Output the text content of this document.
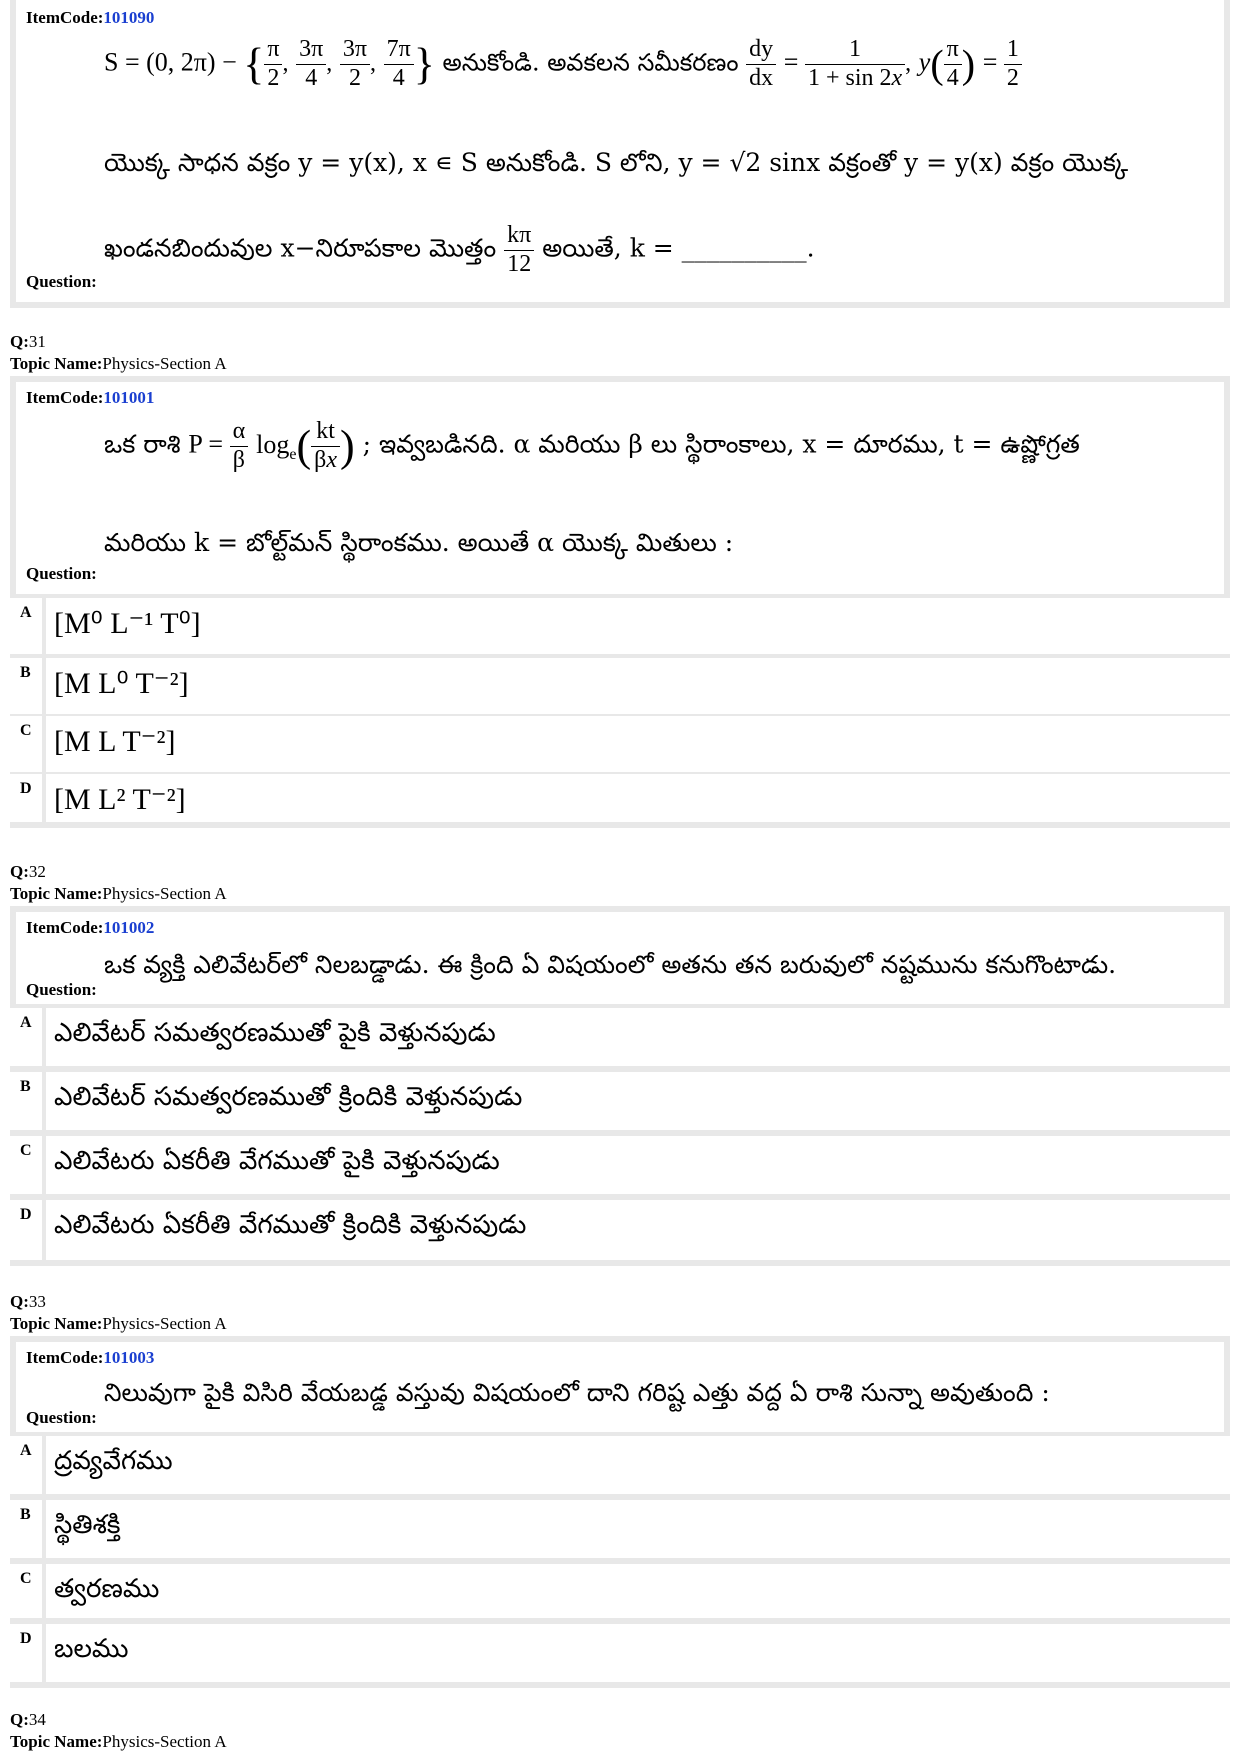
ItemCode:101090
S = (0, 2π) − { $\frac{\pi}{2}$ , $\frac{3\pi}{4}$ , $\frac{3\pi}{2}$ , $\frac{7\pi}{4}$ } అనుకోండి. అవకలన సమీకరణం $\frac{dy}{dx} = \frac{1}{1 + \sin 2x}$ , $y( \frac{\pi}{4}$ ) = $\frac{1}{2}$
యొక్క సాధన వక్రం y = y(x), x ∊ S అనుకోండి. S లోని, y = √2 sinx వక్రంతో y = y(x) వక్రం యొక్క
ఖండనబిందువుల x−నిరూపకాల మొత్తం $\frac{k\pi}{12}$ అయితే, k = __________.
Question:
Q:31
Topic Name:Physics-Section A
ItemCode:101001
ఒక రాశి $P = \frac{\alpha}{\beta} \log_e( \frac{kt}{\beta x}$ ) ; ఇవ్వబడినది. α మరియు β లు స్థిరాంకాలు, x = దూరము, t = ఉష్ణోగ్రత
మరియు k = బోల్ట్‌మన్ స్థిరాంకము. అయితే α యొక్క మితులు :
Question:
A [M⁰ L⁻¹ T⁰]
B [M L⁰ T⁻²]
C [M L T⁻²]
D [M L² T⁻²]
Q:32
Topic Name:Physics-Section A
ItemCode:101002
ఒక వ్యక్తి ఎలివేటర్‌లో నిలబడ్డాడు. ఈ క్రింది ఏ విషయంలో అతను తన బరువులో నష్టమును కనుగొంటాడు.
Question:
A ఎలివేటర్ సమత్వరణముతో పైకి వెళ్తునపుడు
B ఎలివేటర్ సమత్వరణముతో క్రిందికి వెళ్తునపుడు
C ఎలివేటరు ఏకరీతి వేగముతో పైకి వెళ్తునపుడు
D ఎలివేటరు ఏకరీతి వేగముతో క్రిందికి వెళ్తునపుడు
Q:33
Topic Name:Physics-Section A
ItemCode:101003
నిలువుగా పైకి విసిరి వేయబడ్డ వస్తువు విషయంలో దాని గరిష్ట ఎత్తు వద్ద ఏ రాశి సున్నా అవుతుంది :
Question:
A ద్రవ్యవేగము
B స్థితిశక్తి
C త్వరణము
D బలము
Q:34
Topic Name:Physics-Section A
